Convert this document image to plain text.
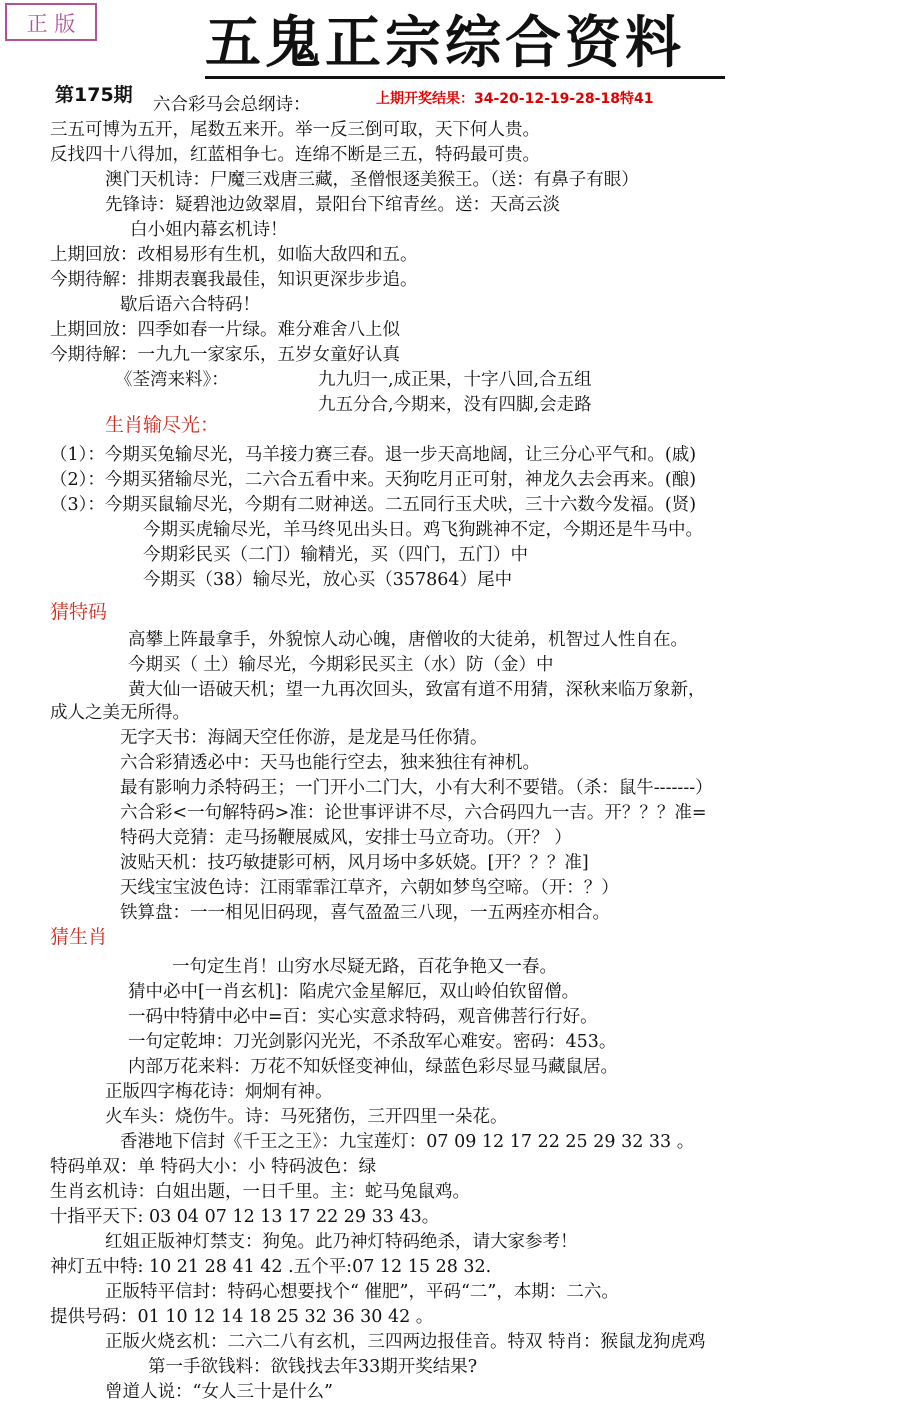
正 版	五鬼正宗综合资料
第175期	上期开奖结果：34-20-12-19-28-18特41
六合彩马会总纲诗：
三五可博为五开，尾数五来开。举一反三倒可取，天下何人贵。
反找四十八得加，红蓝相争七。连绵不断是三五，特码最可贵。
澳门天机诗：尸魔三戏唐三藏，圣僧恨逐美猴王。（送：有鼻子有眼）
先锋诗：疑碧池边敛翠眉，景阳台下绾青丝。送：天高云淡
白小姐内幕玄机诗！
上期回放：改相易形有生机，如临大敌四和五。
今期待解：排期表襄我最佳，知识更深步步追。
歇后语六合特码！
上期回放：四季如春一片绿。难分难舍八上似
今期待解：一九九一家家乐，五岁女童好认真
《荃湾来料》：	九九归一,成正果，十字八回,合五组
九五分合,今期来，没有四脚,会走路
生肖输尽光：
（1）：今期买兔输尽光，马羊接力赛三春。退一步天高地阔，让三分心平气和。(戚)
（2）：今期买猪输尽光，二六合五看中来。天狗吃月正可射，神龙久去会再来。(酿)
（3）：今期买鼠输尽光，今期有二财神送。二五同行玉犬吠，三十六数今发福。(贤)
今期买虎输尽光，羊马终见出头日。鸡飞狗跳神不定，今期还是牛马中。
今期彩民买（二门）输精光，买（四门，五门）中
今期买（38）输尽光，放心买（357864）尾中
猜特码
高攀上阵最拿手，外貌惊人动心魄，唐僧收的大徒弟，机智过人性自在。
今期买（ 土）输尽光，今期彩民买主（水）防（金）中
黄大仙一语破天机；望一九再次回头，致富有道不用猜，深秋来临万象新，
成人之美无所得。
无字天书：海阔天空任你游，是龙是马任你猜。
六合彩猜透必中：天马也能行空去，独来独往有神机。
最有影响力杀特码王；一门开小二门大，小有大利不要错。（杀：鼠牛-------）
六合彩<一句解特码>准：论世事评讲不尽，六合码四九一吉。开？？？准=
特码大竞猜：走马扬鞭展威风，安排士马立奇功。（开？ ）
波贴天机：技巧敏捷影可柄，风月场中多妖娆。[开？？？准]
天线宝宝波色诗：江雨霏霏江草齐，六朝如梦鸟空啼。（开：？）
铁算盘：一一相见旧码现，喜气盈盈三八现，一五两痊亦相合。
猜生肖
一句定生肖！山穷水尽疑无路，百花争艳又一春。
猜中必中[一肖玄机]：陷虎穴金星解厄，双山岭伯钦留僧。
一码中特猜中必中=百：实心实意求特码，观音佛菩行行好。
一句定乾坤：刀光剑影闪光光，不杀敌军心难安。密码：453。
内部万花来料：万花不知妖怪变神仙，绿蓝色彩尽显马藏鼠居。
正版四字梅花诗：炯炯有神。
火车头：烧伤牛。诗：马死猪伤，三开四里一朵花。
香港地下信封《千王之王》：九宝莲灯：07 09 12 17 22 25 29 32 33 。
特码单双：单 特码大小：小 特码波色：绿
生肖玄机诗：白姐出题，一日千里。主：蛇马兔鼠鸡。
十指平天下: 03 04 07 12 13 17 22 29 33 43。
红姐正版神灯禁支：狗兔。此乃神灯特码绝杀，请大家参考！
神灯五中特: 10 21 28 41 42 .五个平:07 12 15 28 32.
正版特平信封：特码心想要找个“ 催肥”，平码“二”，本期：二六。
提供号码：01 10 12 14 18 25 32 36 30 42 。
正版火烧玄机：二六二八有玄机，三四两边报佳音。特双 特肖：猴鼠龙狗虎鸡
第一手欲钱料：欲钱找去年33期开奖结果?
曾道人说：“女人三十是什么”
